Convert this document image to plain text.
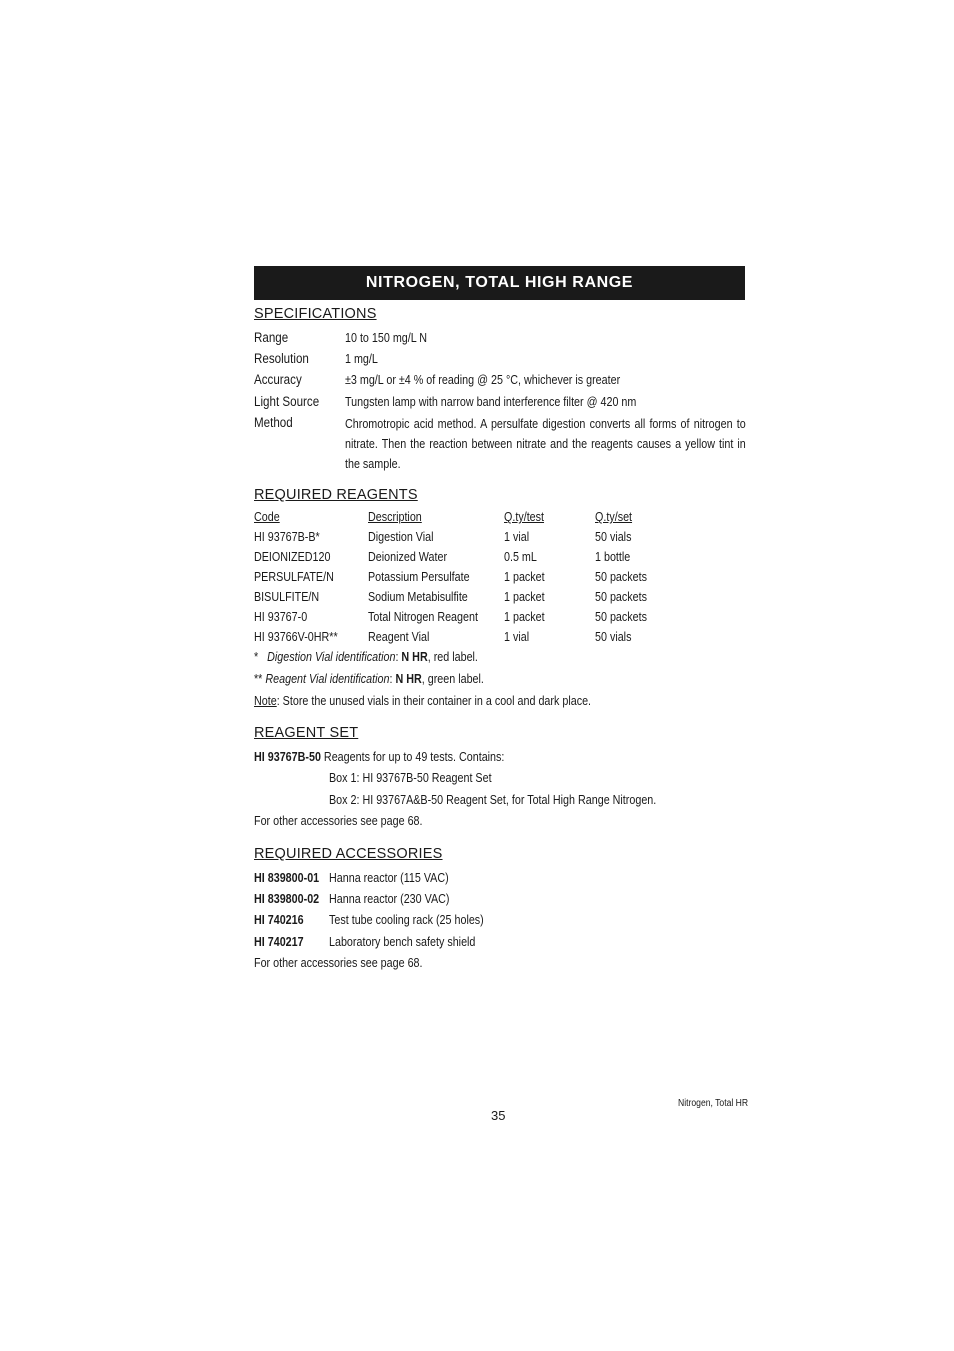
NITROGEN, TOTAL HIGH RANGE
SPECIFICATIONS
Range	10 to 150 mg/L N
Resolution	1 mg/L
Accuracy	±3 mg/L or ±4 % of reading @ 25 °C, whichever is greater
Light Source Tungsten lamp with narrow band interference filter @ 420 nm
Method	Chromotropic acid method. A persulfate digestion converts all forms of nitrogen to nitrate. Then the reaction between nitrate and the reagents causes a yellow tint in the sample.
REQUIRED REAGENTS
Code	Description	Q.ty/test	Q.ty/set
HI 93767B-B*	Digestion Vial	1 vial	50 vials
DEIONIZED120	Deionized Water	0.5 mL	1 bottle
PERSULFATE/N	Potassium Persulfate	1 packet	50 packets
BISULFITE/N	Sodium Metabisulfite	1 packet	50 packets
HI 93767-0	Total Nitrogen Reagent 1 packet	50 packets
HI 93766V-0HR** Reagent Vial	1 vial	50 vials
* Digestion Vial identification: N HR, red label.
** Reagent Vial identification: N HR, green label.
Note: Store the unused vials in their container in a cool and dark place.
REAGENT SET
HI 93767B-50 Reagents for up to 49 tests. Contains:
Box 1: HI 93767B-50 Reagent Set
Box 2: HI 93767A&B-50 Reagent Set, for Total High Range Nitrogen.
For other accessories see page 68.
REQUIRED ACCESSORIES
HI 839800-01 Hanna reactor (115 VAC)
HI 839800-02 Hanna reactor (230 VAC)
HI 740216 Test tube cooling rack (25 holes)
HI 740217 Laboratory bench safety shield
For other accessories see page 68.
35
Nitrogen, Total HR
